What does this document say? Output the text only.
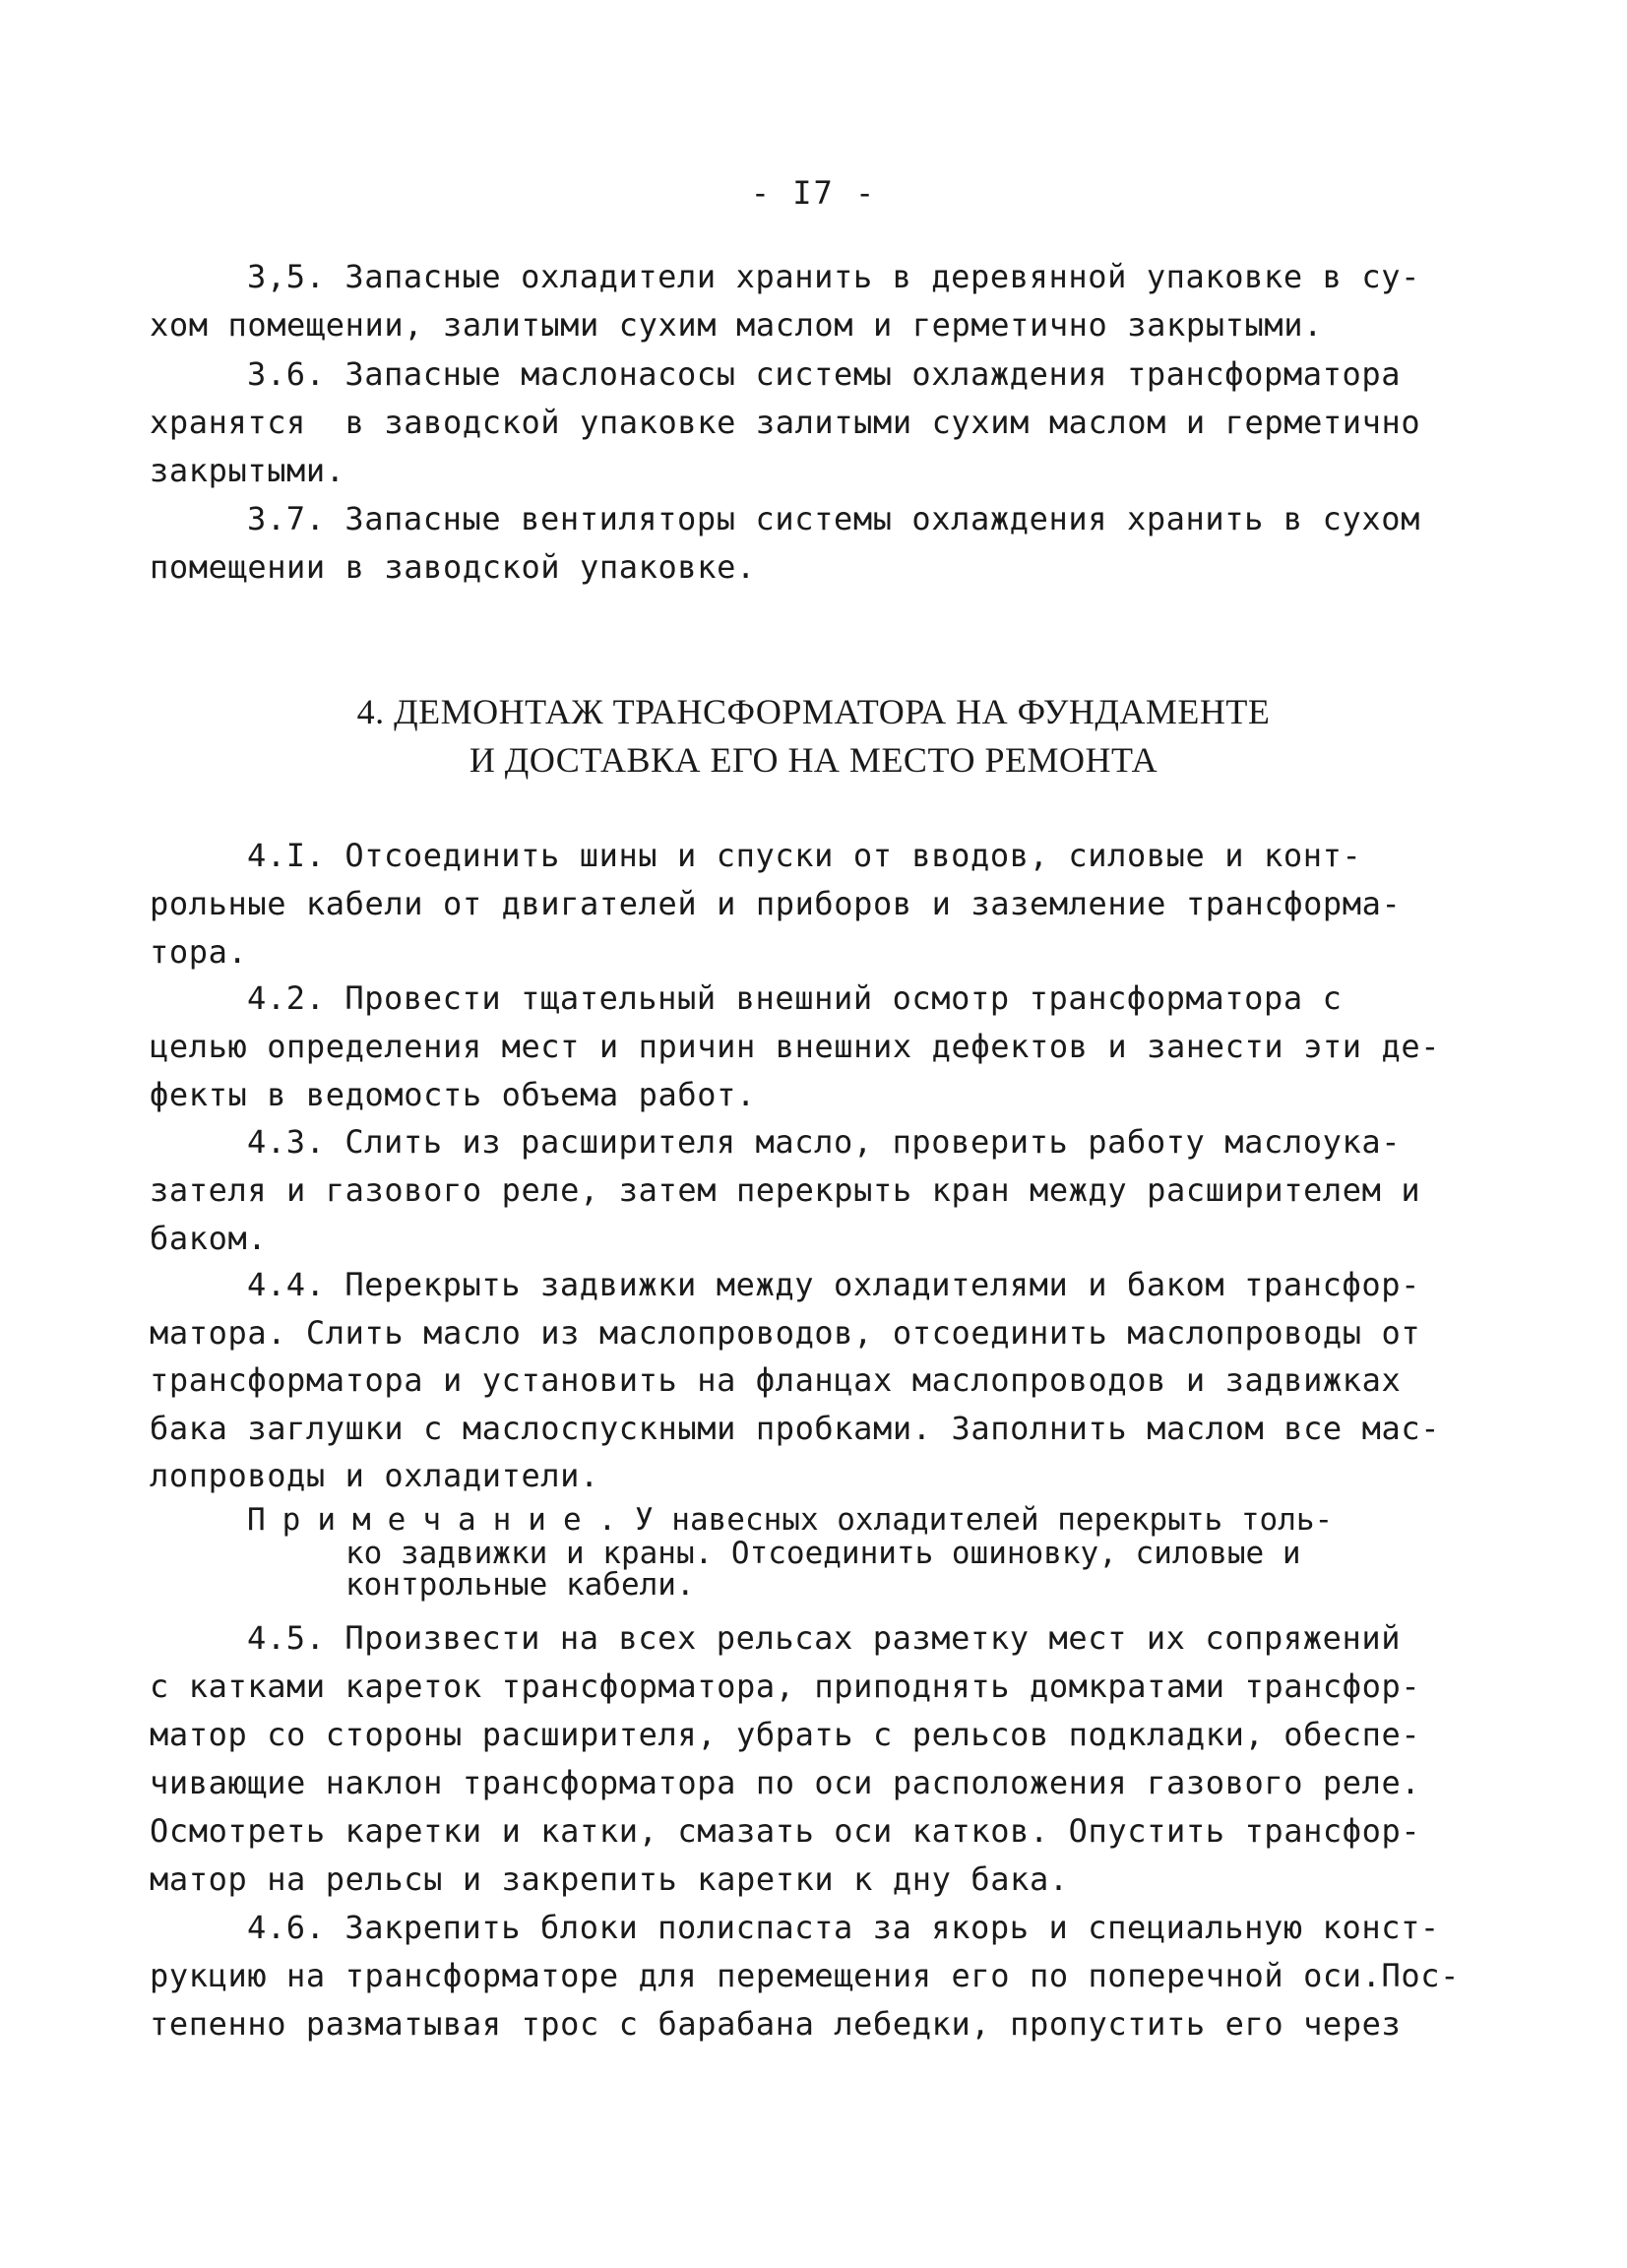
- I7 -
3,5. Запасные охладители хранить в деревянной упаковке в су-
хом помещении, залитыми сухим маслом и герметично закрытыми.
3.6. Запасные маслонасосы системы охлаждения трансформатора
хранятся  в заводской упаковке залитыми сухим маслом и герметично
закрытыми.
3.7. Запасные вентиляторы системы охлаждения хранить в сухом
помещении в заводской упаковке.
4. ДЕМОНТАЖ ТРАНСФОРМАТОРА НА ФУНДАМЕНТЕ
И ДОСТАВКА ЕГО НА МЕСТО РЕМОНТА
4.I. Отсоединить шины и спуски от вводов, силовые и конт-
рольные кабели от двигателей и приборов и заземление трансформа-
тора.
4.2. Провести тщательный внешний осмотр трансформатора с
целью определения мест и причин внешних дефектов и занести эти де-
фекты в ведомость объема работ.
4.3. Слить из расширителя масло, проверить работу маслоука-
зателя и газового реле, затем перекрыть кран между расширителем и
баком.
4.4. Перекрыть задвижки между охладителями и баком трансфор-
матора. Слить масло из маслопроводов, отсоединить маслопроводы от
трансформатора и установить на фланцах маслопроводов и задвижках
бака заглушки с маслоспускными пробками. Заполнить маслом все мас-
лопроводы и охладители.
Примечание. У навесных охладителей перекрыть толь-
ко задвижки и краны. Отсоединить ошиновку, силовые и
контрольные кабели.
4.5. Произвести на всех рельсах разметку мест их сопряжений
с катками кареток трансформатора, приподнять домкратами трансфор-
матор со стороны расширителя, убрать с рельсов подкладки, обеспе-
чивающие наклон трансформатора по оси расположения газового реле.
Осмотреть каретки и катки, смазать оси катков. Опустить трансфор-
матор на рельсы и закрепить каретки к дну бака.
4.6. Закрепить блоки полиспаста за якорь и специальную конст-
рукцию на трансформаторе для перемещения его по поперечной оси.Пос-
тепенно разматывая трос с барабана лебедки, пропустить его через
